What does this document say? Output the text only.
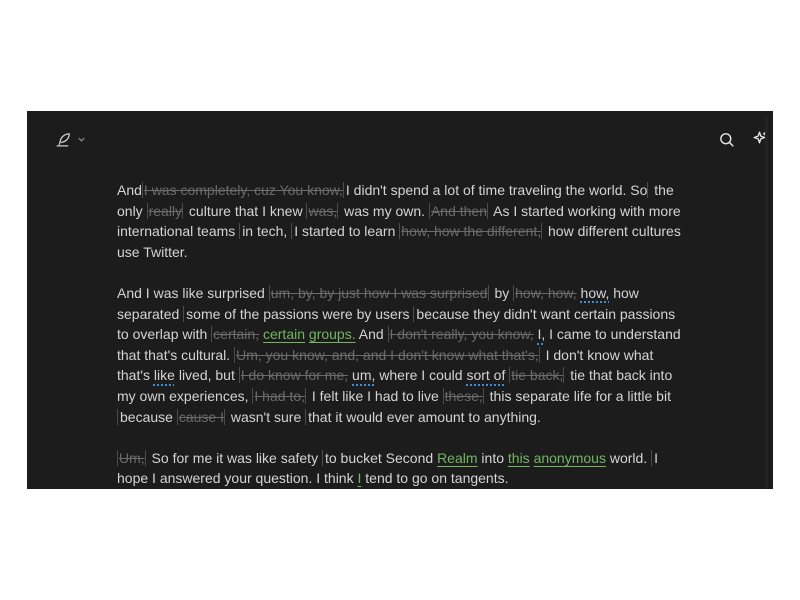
And I was completely, cuz You know, I didn't spend a lot of time traveling the world. So the only really culture that I knew was, was my own. And then As I started working with more international teams in tech, I started to learn how, how the different, how different cultures use Twitter.

And I was like surprised um, by, by just how I was surprised by how, how, how, how separated some of the passions were by users because they didn't want certain passions to overlap with certain, certain groups. And I don't really, you know, I, I came to understand that that's cultural. Um, you know, and, and I don't know what that's, I don't know what that's like lived, but I do know for me, um, where I could sort of tie back, tie that back into my own experiences, I had to, I felt like I had to live these, this separate life for a little bit because cause I wasn't sure that it would ever amount to anything.

Um, So for me it was like safety to bucket Second Realm into this anonymous world. I hope I answered your question. I think I tend to go on tangents.
